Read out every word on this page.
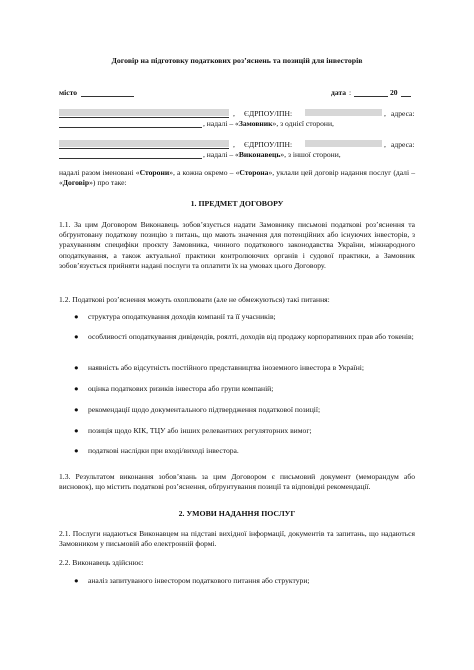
Договір на підготовку податкових роз’яснень та позицій для інвесторів
місто	дата :	20
, ЄДРПОУ/ІПН:	, адреса:
, надалі – «Замовник», з однієї сторони,
, ЄДРПОУ/ІПН:	, адреса:
, надалі – «Виконавець», з іншої сторони,
надалі разом іменовані «Сторони», а кожна окремо – «Сторона», уклали цей договір надання послуг (далі – «Договір») про таке:
1. ПРЕДМЕТ ДОГОВОРУ
1.1. За цим Договором Виконавець зобов’язується надати Замовнику письмові податкові роз’яснення та обґрунтовану податкову позицію з питань, що мають значення для потенційних або існуючих інвесторів, з урахуванням специфіки проєкту Замовника, чинного податкового законодавства України, міжнародного оподаткування, а також актуальної практики контролюючих органів і судової практики, а Замовник зобов’язується прийняти надані послуги та оплатити їх на умовах цього Договору.
1.2. Податкові роз’яснення можуть охоплювати (але не обмежуються) такі питання:
● структура оподаткування доходів компанії та її учасників;
● особливості оподаткування дивідендів, роялті, доходів від продажу корпоративних прав або токенів;
● наявність або відсутність постійного представництва іноземного інвестора в Україні;
● оцінка податкових ризиків інвестора або групи компаній;
● рекомендації щодо документального підтвердження податкової позиції;
● позиція щодо КІК, ТЦУ або інших релевантних регуляторних вимог;
● податкові наслідки при вході/виході інвестора.
1.3. Результатом виконання зобов’язань за цим Договором є письмовий документ (меморандум або висновок), що містить податкові роз’яснення, обґрунтування позиції та відповідні рекомендації.
2. УМОВИ НАДАННЯ ПОСЛУГ
2.1. Послуги надаються Виконавцем на підставі вихідної інформації, документів та запитань, що надаються Замовником у письмовій або електронній формі.
2.2. Виконавець здійснює:
● аналіз запитуваного інвестором податкового питання або структури;
